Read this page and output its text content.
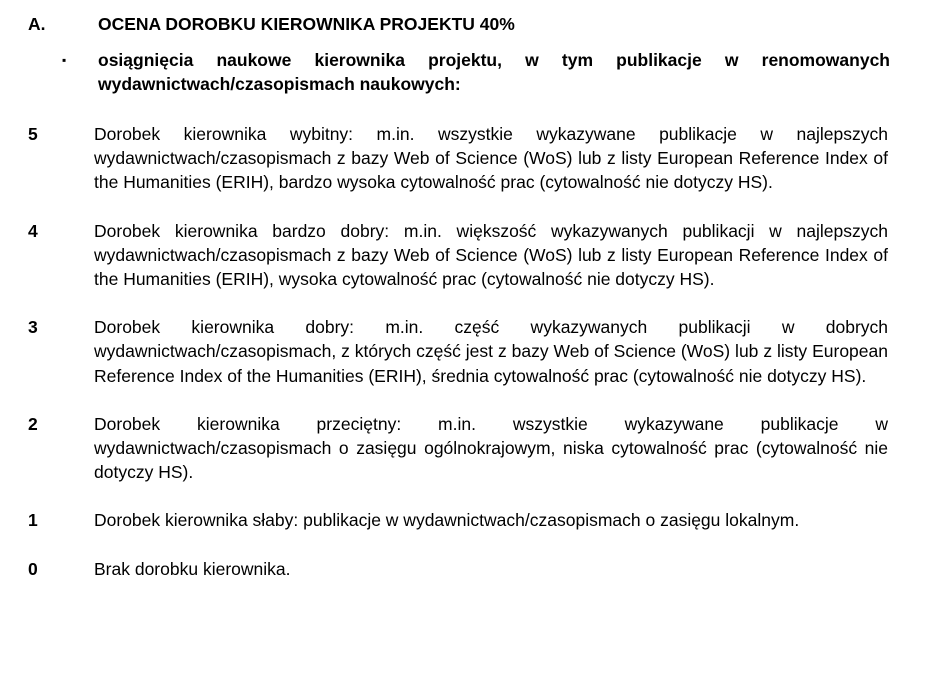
A.	OCENA DOROBKU KIEROWNIKA PROJEKTU 40%
▪ osiągnięcia naukowe kierownika projektu, w tym publikacje w renomowanych wydawnictwach/czasopismach naukowych:
5	Dorobek kierownika wybitny: m.in. wszystkie wykazywane publikacje w najlepszych wydawnictwach/czasopismach z bazy Web of Science (WoS) lub z listy European Reference Index of the Humanities (ERIH), bardzo wysoka cytowalność prac (cytowalność nie dotyczy HS).
4	Dorobek kierownika bardzo dobry: m.in. większość wykazywanych publikacji w najlepszych wydawnictwach/czasopismach z bazy Web of Science (WoS) lub z listy European Reference Index of the Humanities (ERIH), wysoka cytowalność prac (cytowalność nie dotyczy HS).
3	Dorobek kierownika dobry: m.in. część wykazywanych publikacji w dobrych wydawnictwach/czasopismach, z których część jest z bazy Web of Science (WoS) lub z listy European Reference Index of the Humanities (ERIH), średnia cytowalność prac (cytowalność nie dotyczy HS).
2	Dorobek kierownika przeciętny: m.in. wszystkie wykazywane publikacje w wydawnictwach/czasopismach o zasięgu ogólnokrajowym, niska cytowalność prac (cytowalność nie dotyczy HS).
1	Dorobek kierownika słaby: publikacje w wydawnictwach/czasopismach o zasięgu lokalnym.
0	Brak dorobku kierownika.
